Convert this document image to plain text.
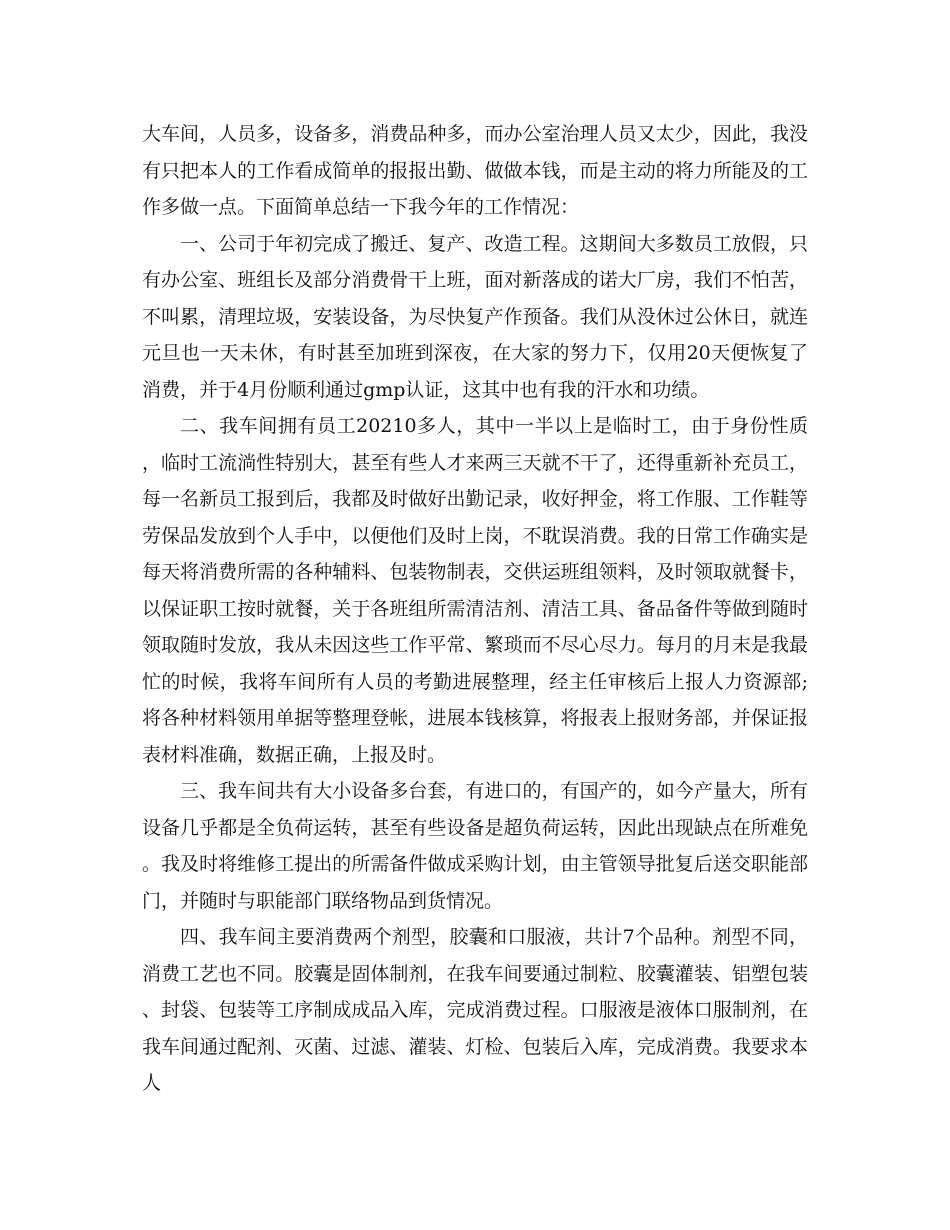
大车间，人员多，设备多，消费品种多，而办公室治理人员又太少，因此，我没有只把本人的工作看成简单的报报出勤、做做本钱，而是主动的将力所能及的工作多做一点。下面简单总结一下我今年的工作情况：

一、公司于年初完成了搬迁、复产、改造工程。这期间大多数员工放假，只有办公室、班组长及部分消费骨干上班，面对新落成的诺大厂房，我们不怕苦，不叫累，清理垃圾，安装设备，为尽快复产作预备。我们从没休过公休日，就连元旦也一天未休，有时甚至加班到深夜，在大家的努力下，仅用20天便恢复了消费，并于4月份顺利通过gmp认证，这其中也有我的汗水和功绩。

二、我车间拥有员工20210多人，其中一半以上是临时工，由于身份性质，临时工流淌性特别大，甚至有些人才来两三天就不干了，还得重新补充员工，每一名新员工报到后，我都及时做好出勤记录，收好押金，将工作服、工作鞋等劳保品发放到个人手中，以便他们及时上岗，不耽误消费。我的日常工作确实是每天将消费所需的各种辅料、包装物制表，交供运班组领料，及时领取就餐卡，以保证职工按时就餐，关于各班组所需清洁剂、清洁工具、备品备件等做到随时领取随时发放，我从未因这些工作平常、繁琐而不尽心尽力。每月的月末是我最忙的时候，我将车间所有人员的考勤进展整理，经主任审核后上报人力资源部;将各种材料领用单据等整理登帐，进展本钱核算，将报表上报财务部，并保证报表材料准确，数据正确，上报及时。

三、我车间共有大小设备多台套，有进口的，有国产的，如今产量大，所有设备几乎都是全负荷运转，甚至有些设备是超负荷运转，因此出现缺点在所难免。我及时将维修工提出的所需备件做成采购计划，由主管领导批复后送交职能部门，并随时与职能部门联络物品到货情况。

四、我车间主要消费两个剂型，胶囊和口服液，共计7个品种。剂型不同，消费工艺也不同。胶囊是固体制剂，在我车间要通过制粒、胶囊灌装、铝塑包装、封袋、包装等工序制成成品入库，完成消费过程。口服液是液体口服制剂，在我车间通过配剂、灭菌、过滤、灌装、灯检、包装后入库，完成消费。我要求本人
